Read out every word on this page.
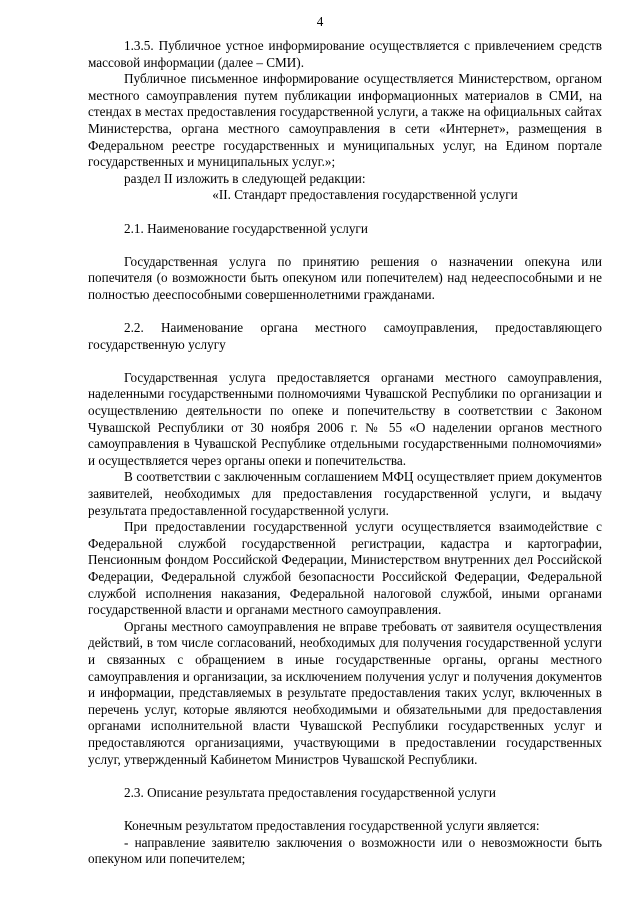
4

1.3.5. Публичное устное информирование осуществляется с привлечением средств массовой информации (далее – СМИ).

Публичное письменное информирование осуществляется Министерством, органом местного самоуправления путем публикации информационных материалов в СМИ, на стендах в местах предоставления государственной услуги, а также на официальных сайтах Министерства, органа местного самоуправления в сети «Интернет», размещения в Федеральном реестре государственных и муниципальных услуг, на Едином портале государственных и муниципальных услуг.»;

раздел II изложить в следующей редакции:

«II. Стандарт предоставления государственной услуги

2.1. Наименование государственной услуги

Государственная услуга по принятию решения о назначении опекуна или попечителя (о возможности быть опекуном или попечителем) над недееспособными и не полностью дееспособными совершеннолетними гражданами.

2.2. Наименование органа местного самоуправления, предоставляющего государственную услугу

Государственная услуга предоставляется органами местного самоуправления, наделенными государственными полномочиями Чувашской Республики по организации и осуществлению деятельности по опеке и попечительству в соответствии с Законом Чувашской Республики от 30 ноября 2006 г. № 55 «О наделении органов местного самоуправления в Чувашской Республике отдельными государственными полномочиями» и осуществляется через органы опеки и попечительства.

В соответствии с заключенным соглашением МФЦ осуществляет прием документов заявителей, необходимых для предоставления государственной услуги, и выдачу результата предоставленной государственной услуги.

При предоставлении государственной услуги осуществляется взаимодействие с Федеральной службой государственной регистрации, кадастра и картографии, Пенсионным фондом Российской Федерации, Министерством внутренних дел Российской Федерации, Федеральной службой безопасности Российской Федерации, Федеральной службой исполнения наказания, Федеральной налоговой службой, иными органами государственной власти и органами местного самоуправления.

Органы местного самоуправления не вправе требовать от заявителя осуществления действий, в том числе согласований, необходимых для получения государственной услуги и связанных с обращением в иные государственные органы, органы местного самоуправления и организации, за исключением получения услуг и получения документов и информации, представляемых в результате предоставления таких услуг, включенных в перечень услуг, которые являются необходимыми и обязательными для предоставления органами исполнительной власти Чувашской Республики государственных услуг и предоставляются организациями, участвующими в предоставлении государственных услуг, утвержденный Кабинетом Министров Чувашской Республики.

2.3. Описание результата предоставления государственной услуги

Конечным результатом предоставления государственной услуги является:

- направление заявителю заключения о возможности или о невозможности быть опекуном или попечителем;
